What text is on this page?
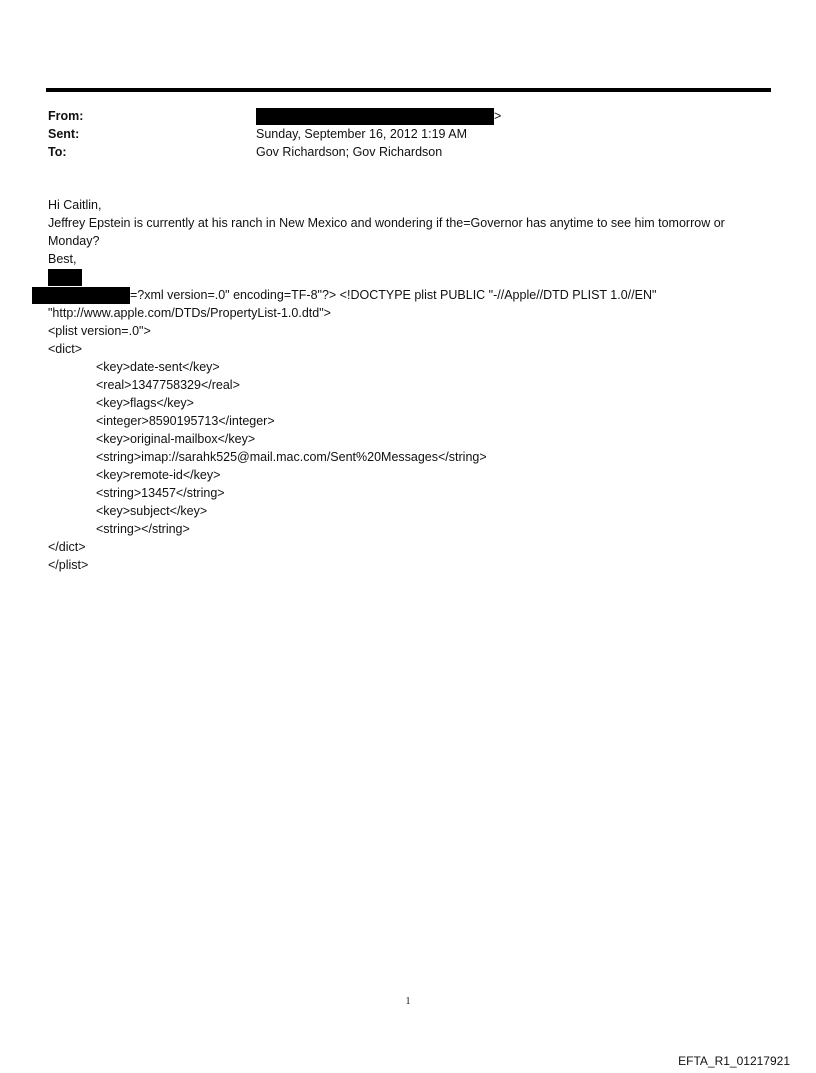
From:	>
Sent:	Sunday, September 16, 2012 1:19 AM
To:	Gov Richardson; Gov Richardson
Hi Caitlin,
Jeffrey Epstein is currently at his ranch in New Mexico and wondering if the=Governor has anytime to see him tomorrow or Monday?
Best,
=?xml version=.0" encoding=TF-8"?> <!DOCTYPE plist PUBLIC "-//Apple//DTD PLIST 1.0//EN"
"http://www.apple.com/DTDs/PropertyList-1.0.dtd">
<plist version=.0">
<dict>
<key>date-sent</key>
<real>1347758329</real>
<key>flags</key>
<integer>8590195713</integer>
<key>original-mailbox</key>
<string>imap://sarahk525@mail.mac.com/Sent%20Messages</string>
<key>remote-id</key>
<string>13457</string>
<key>subject</key>
<string></string>
</dict>
</plist>
1
EFTA_R1_01217921
